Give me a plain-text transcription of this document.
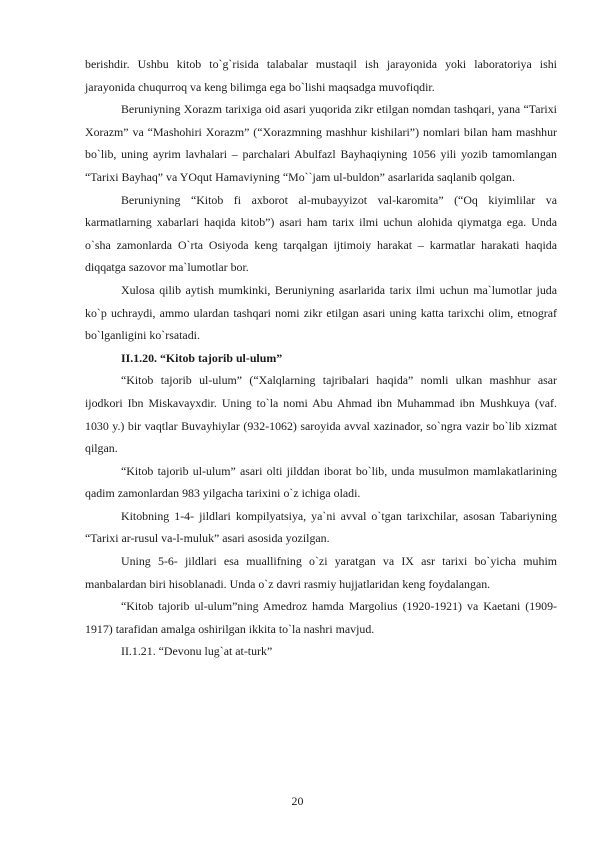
berishdir. Ushbu kitob to`g`risida talabalar mustaqil ish jarayonida yoki laboratoriya ishi jarayonida chuqurroq va keng bilimga ega bo`lishi maqsadga muvofiqdir.

Beruniyning Xorazm tarixiga oid asari yuqorida zikr etilgan nomdan tashqari, yana “Tarixi Xorazm” va “Mashohiri Xorazm” (“Xorazmning mashhur kishilari”) nomlari bilan ham mashhur bo`lib, uning ayrim lavhalari – parchalari Abulfazl Bayhaqiyning 1056 yili yozib tamomlangan “Tarixi Bayhaq” va YOqut Hamaviyning “Mo``jam ul-buldon” asarlarida saqlanib qolgan.

Beruniyning “Kitob fi axborot al-mubayyizot val-karomita” (“Oq kiyimlilar va karmatlarning xabarlari haqida kitob”) asari ham tarix ilmi uchun alohida qiymatga ega. Unda o`sha zamonlarda O`rta Osiyoda keng tarqalgan ijtimoiy harakat – karmatlar harakati haqida diqqatga sazovor ma`lumotlar bor.

Xulosa qilib aytish mumkinki, Beruniyning asarlarida tarix ilmi uchun ma`lumotlar juda ko`p uchraydi, ammo ulardan tashqari nomi zikr etilgan asari uning katta tarixchi olim, etnograf bo`lganligini ko`rsatadi.

II.1.20. “Kitob tajorib ul-ulum”

“Kitob tajorib ul-ulum” (“Xalqlarning tajribalari haqida” nomli ulkan mashhur asar ijodkori Ibn Miskavayxdir. Uning to`la nomi Abu Ahmad ibn Muhammad ibn Mushkuya (vaf. 1030 y.) bir vaqtlar Buvayhiylar (932-1062) saroyida avval xazinador, so`ngra vazir bo`lib xizmat qilgan.

“Kitob tajorib ul-ulum” asari olti jilddan iborat bo`lib, unda musulmon mamlakatlarining qadim zamonlardan 983 yilgacha tarixini o`z ichiga oladi.

Kitobning 1-4- jildlari kompilyatsiya, ya`ni avval o`tgan tarixchilar, asosan Tabariyning “Tarixi ar-rusul va-l-muluk” asari asosida yozilgan.

Uning 5-6- jildlari esa muallifning o`zi yaratgan va IX asr tarixi bo`yicha muhim manbalardan biri hisoblanadi. Unda o`z davri rasmiy hujjatlaridan keng foydalangan.

“Kitob tajorib ul-ulum”ning Amedroz hamda Margolius (1920-1921) va Kaetani (1909-1917) tarafidan amalga oshirilgan ikkita to`la nashri mavjud.

II.1.21. “Devonu lug`at at-turk”

20
